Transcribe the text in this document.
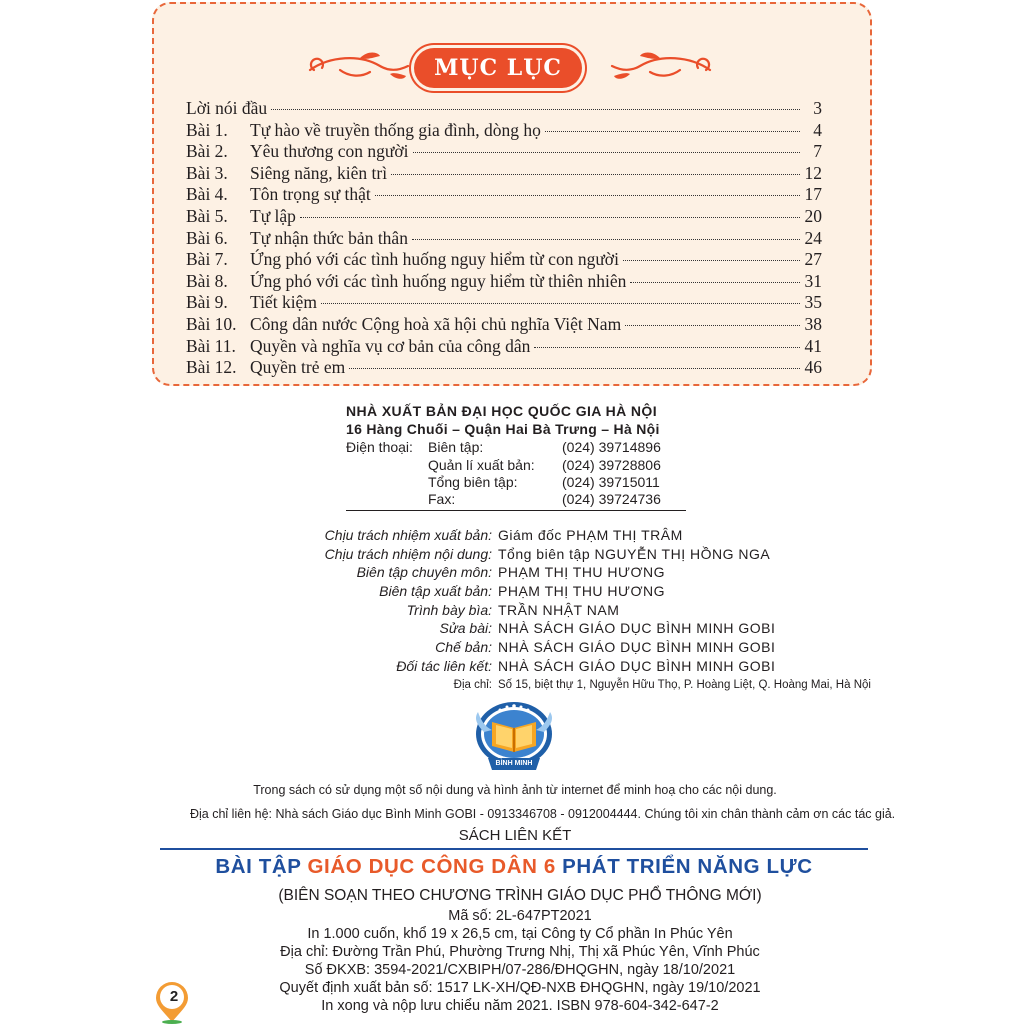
MỤC LỤC
Lời nói đầu	3
Bài 1.	Tự hào về truyền thống gia đình, dòng họ	4
Bài 2.	Yêu thương con người	7
Bài 3.	Siêng năng, kiên trì	12
Bài 4.	Tôn trọng sự thật	17
Bài 5.	Tự lập	20
Bài 6.	Tự nhận thức bản thân	24
Bài 7.	Ứng phó với các tình huống nguy hiểm từ con người	27
Bài 8.	Ứng phó với các tình huống nguy hiểm từ thiên nhiên	31
Bài 9.	Tiết kiệm	35
Bài 10. Công dân nước Cộng hoà xã hội chủ nghĩa Việt Nam	38
Bài 11. Quyền và nghĩa vụ cơ bản của công dân	41
Bài 12. Quyền trẻ em	46
NHÀ XUẤT BẢN ĐẠI HỌC QUỐC GIA HÀ NỘI
16 Hàng Chuối – Quận Hai Bà Trưng – Hà Nội
Điện thoại: Biên tập:	(024) 39714896
Quản lí xuất bản: (024) 39728806
Tổng biên tập:	(024) 39715011
Fax:	(024) 39724736
Chịu trách nhiệm xuất bản: Giám đốc PHẠM THỊ TRÂM
Chịu trách nhiệm nội dung: Tổng biên tập NGUYỄN THỊ HỒNG NGA
Biên tập chuyên môn: PHẠM THỊ THU HƯƠNG
Biên tập xuất bản: PHẠM THỊ THU HƯƠNG
Trình bày bìa: TRẦN NHẬT NAM
Sửa bài: NHÀ SÁCH GIÁO DỤC BÌNH MINH GOBI
Chế bản: NHÀ SÁCH GIÁO DỤC BÌNH MINH GOBI
Đối tác liên kết: NHÀ SÁCH GIÁO DỤC BÌNH MINH GOBI
Địa chỉ: Số 15, biệt thự 1, Nguyễn Hữu Thọ, P. Hoàng Liệt, Q. Hoàng Mai, Hà Nội
BÌNH MINH
Trong sách có sử dụng một số nội dung và hình ảnh từ internet để minh hoạ cho các nội dung.
Địa chỉ liên hệ: Nhà sách Giáo dục Bình Minh GOBI - 0913346708 - 0912004444. Chúng tôi xin chân thành cảm ơn các tác giả.
SÁCH LIÊN KẾT
BÀI TẬP GIÁO DỤC CÔNG DÂN 6 PHÁT TRIỂN NĂNG LỰC
(BIÊN SOẠN THEO CHƯƠNG TRÌNH GIÁO DỤC PHỔ THÔNG MỚI)
Mã số: 2L-647PT2021
In 1.000 cuốn, khổ 19 x 26,5 cm, tại Công ty Cổ phần In Phúc Yên
Địa chỉ: Đường Trần Phú, Phường Trưng Nhị, Thị xã Phúc Yên, Vĩnh Phúc
Số ĐKXB: 3594-2021/CXBIPH/07-286/ĐHQGHN, ngày 18/10/2021
Quyết định xuất bản số: 1517 LK-XH/QĐ-NXB ĐHQGHN, ngày 19/10/2021
In xong và nộp lưu chiểu năm 2021. ISBN 978-604-342-647-2
2
